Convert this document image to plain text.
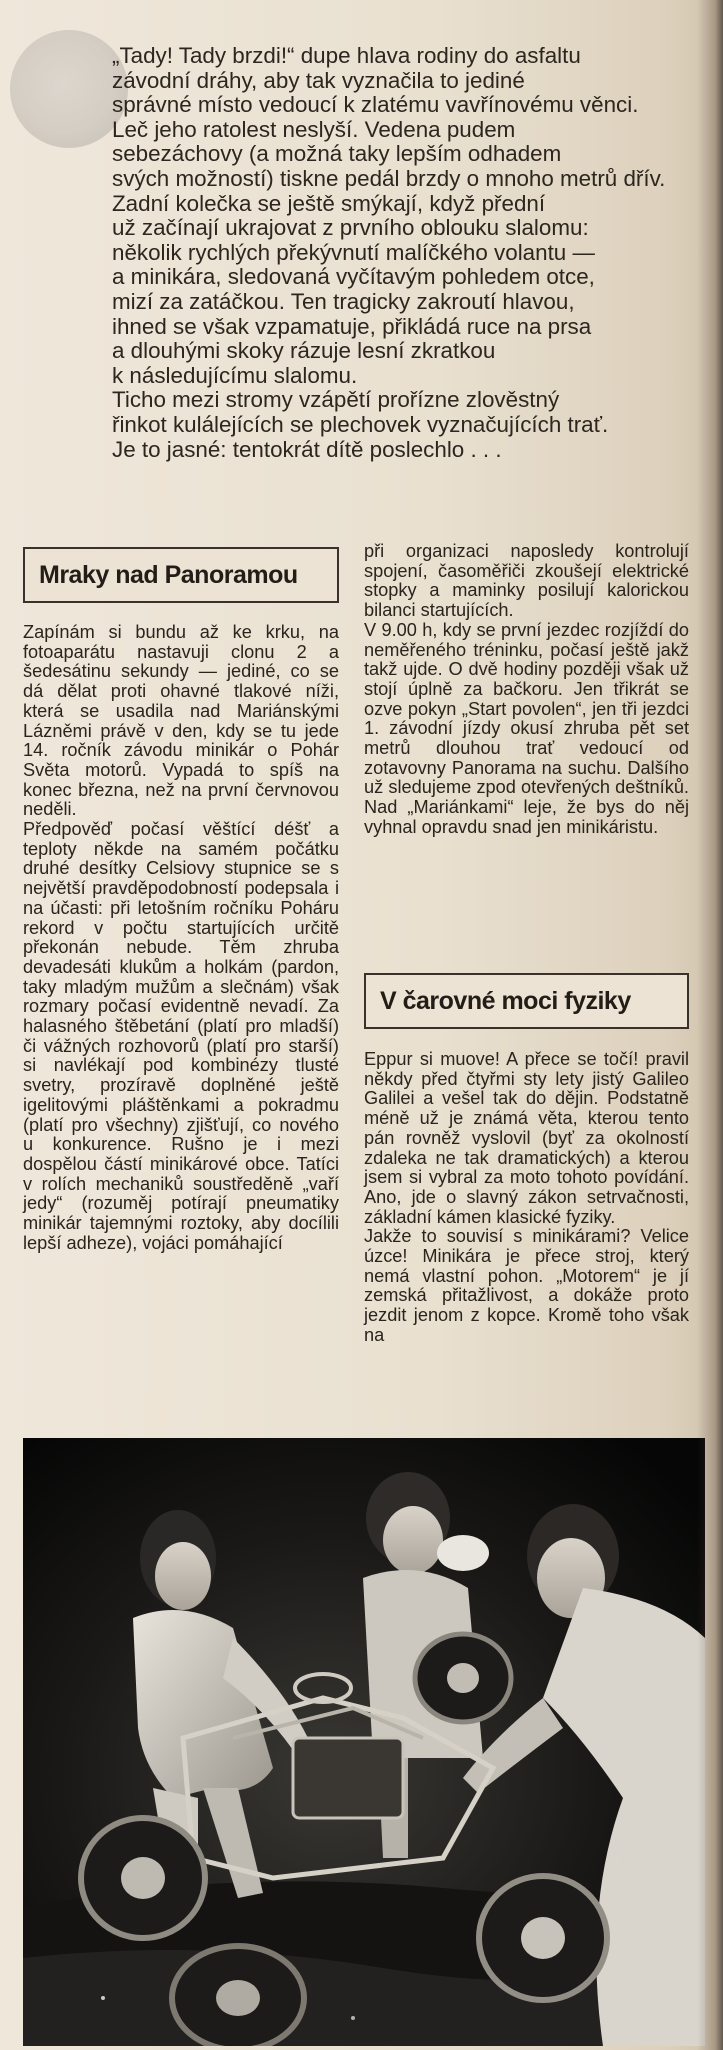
„Tady! Tady brzdi!“ dupe hlava rodiny do asfaltu

závodní dráhy, aby tak vyznačila to jediné

správné místo vedoucí k zlatému vavřínovému věnci.

Leč jeho ratolest neslyší. Vedena pudem

sebezáchovy (a možná taky lepším odhadem

svých možností) tiskne pedál brzdy o mnoho metrů dřív.

Zadní kolečka se ještě smýkají, když přední

už začínají ukrajovat z prvního oblouku slalomu:

několik rychlých překývnutí malíčkého volantu —

a minikára, sledovaná vyčítavým pohledem otce,

mizí za zatáčkou. Ten tragicky zakroutí hlavou,

ihned se však vzpamatuje, přikládá ruce na prsa

a dlouhými skoky rázuje lesní zkratkou

k následujícímu slalomu.

Ticho mezi stromy vzápětí proříznе zlověstný

řinkot kulálejících se plechovek vyznačujících trať.

Je to jasné: tentokrát dítě poslechlo . . .

Mraky nad Panoramou

Zapínám si bundu až ke krku, na fotoaparátu nastavuji clonu 2 a šedesátinu sekundy — jediné, co se dá dělat proti ohavné tlakové níži, která se usadila nad Mariánskými Lázněmi právě v den, kdy se tu jede 14. ročník závodu minikár o Pohár Světa motorů. Vypadá to spíš na konec března, než na první červnovou neděli.

Předpověď počasí věštící déšť a teploty někde na samém počátku druhé desítky Celsiovy stupnice se s největší pravděpodobností podepsala i na účasti: při letošním ročníku Poháru rekord v počtu startujících určitě překonán nebude. Těm zhruba devadesáti klukům a holkám (pardon, taky mladým mužům a slečnám) však rozmary počasí evidentně nevadí. Za halasného štěbetání (platí pro mladší) či vážných rozhovorů (platí pro starší) si navlékají pod kombinézy tlusté svetry, prozíravě doplněné ještě igelitovými pláštěnkami a pokradmu (platí pro všechny) zjišťují, co nového u konkurence. Rušno je i mezi dospělou částí minikárové obce. Tatíci v rolích mechaniků soustředěně „vaří jedy“ (rozuměj potírají pneumatiky minikár tajemnými roztoky, aby docílili lepší adheze), vojáci pomáhající

při organizaci naposledy kontrolují spojení, časoměřiči zkoušejí elektrické stopky a maminky posilují kalorickou bilanci startujících.

V 9.00 h, kdy se první jezdec rozjíždí do neměřeného tréninku, počasí ještě jakž takž ujde. O dvě hodiny později však už stojí úplně za bačkoru. Jen třikrát se ozve pokyn „Start povolen“, jen tři jezdci 1. závodní jízdy okusí zhruba pět set metrů dlouhou trať vedoucí od zotavovny Panorama na suchu. Dalšího už sledujeme zpod otevřených deštníků. Nad „Mariánkami“ leje, že bys do něj vyhnal opravdu snad jen minikáristu.

V čarovné moci fyziky

Eppur si muove! A přece se točí! pravil někdy před čtyřmi sty lety jistý Galileo Galilei a vešel tak do dějin. Podstatně méně už je známá věta, kterou tento pán rovněž vyslovil (byť za okolností zdaleka ne tak dramatických) a kterou jsem si vybral za moto tohoto povídání. Ano, jde o slavný zákon setrvačnosti, základní kámen klasické fyziky.

Jakže to souvisí s minikárami? Velice úzce! Minikára je přece stroj, který nemá vlastní pohon. „Motorem“ je jí zemská přitažlivost, a dokáže proto jezdit jenom z kopce. Kromě toho však na
